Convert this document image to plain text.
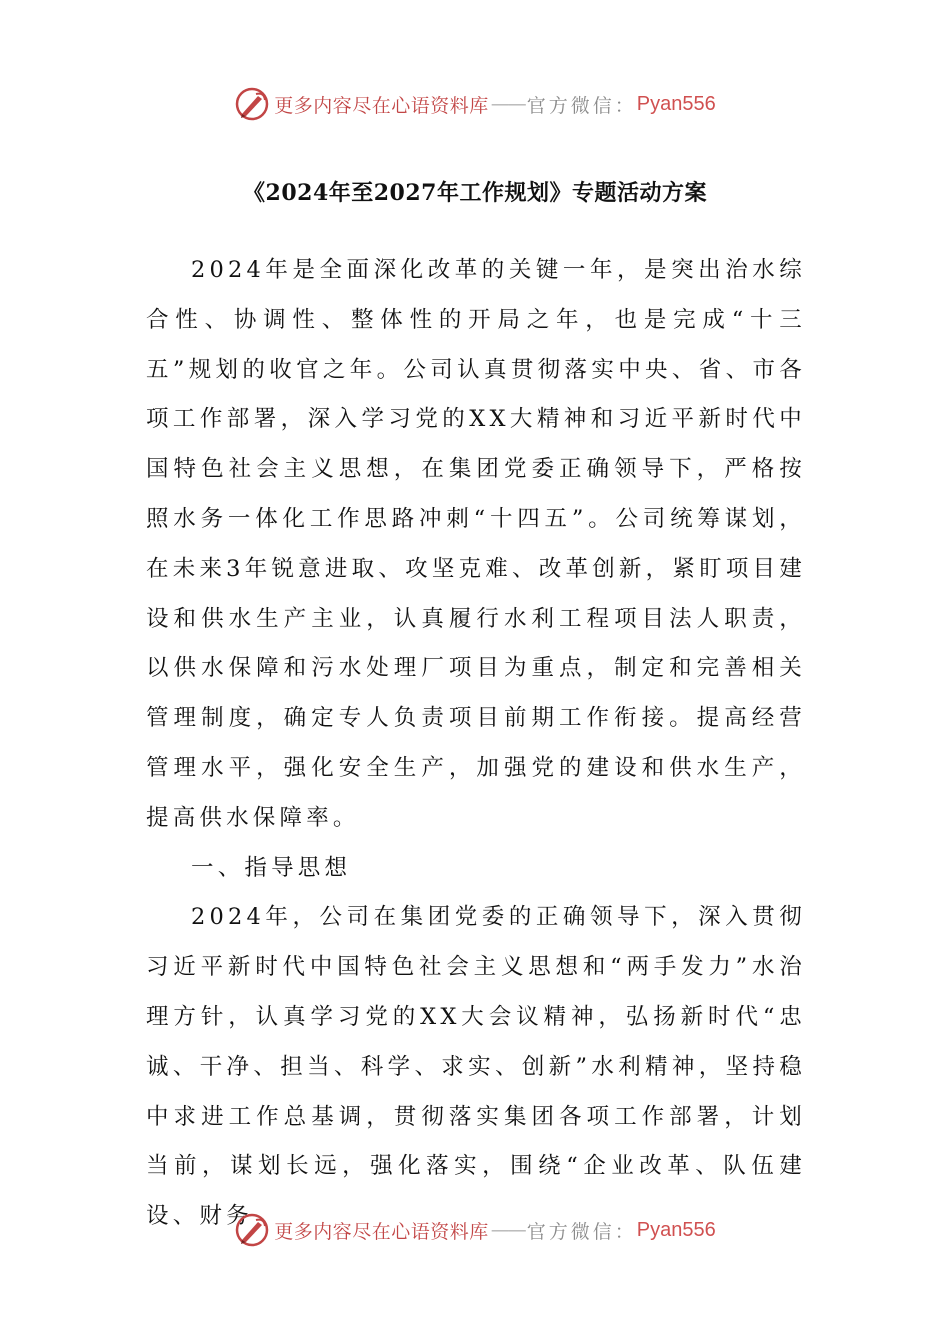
更多内容尽在心语资料库 —— 官方微信： Pyan556
《2024年至2027年工作规划》专题活动方案

2024年是全面深化改革的关键一年，是突出治水综合性、协调性、整体性的开局之年，也是完成“十三五”规划的收官之年。公司认真贯彻落实中央、省、市各项工作部署，深入学习党的XX大精神和习近平新时代中国特色社会主义思想，在集团党委正确领导下，严格按照水务一体化工作思路冲刺“十四五”。公司统筹谋划，在未来3年锐意进取、攻坚克难、改革创新，紧盯项目建设和供水生产主业，认真履行水利工程项目法人职责，以供水保障和污水处理厂项目为重点，制定和完善相关管理制度，确定专人负责项目前期工作衔接。提高经营管理水平，强化安全生产，加强党的建设和供水生产，提高供水保障率。

一、指导思想

2024年，公司在集团党委的正确领导下，深入贯彻习近平新时代中国特色社会主义思想和“两手发力”水治理方针，认真学习党的XX大会议精神，弘扬新时代“忠诚、干净、担当、科学、求实、创新”水利精神，坚持稳中求进工作总基调，贯彻落实集团各项工作部署，计划当前，谋划长远，强化落实，围绕“企业改革、队伍建设、财务

更多内容尽在心语资料库 —— 官方微信： Pyan556
